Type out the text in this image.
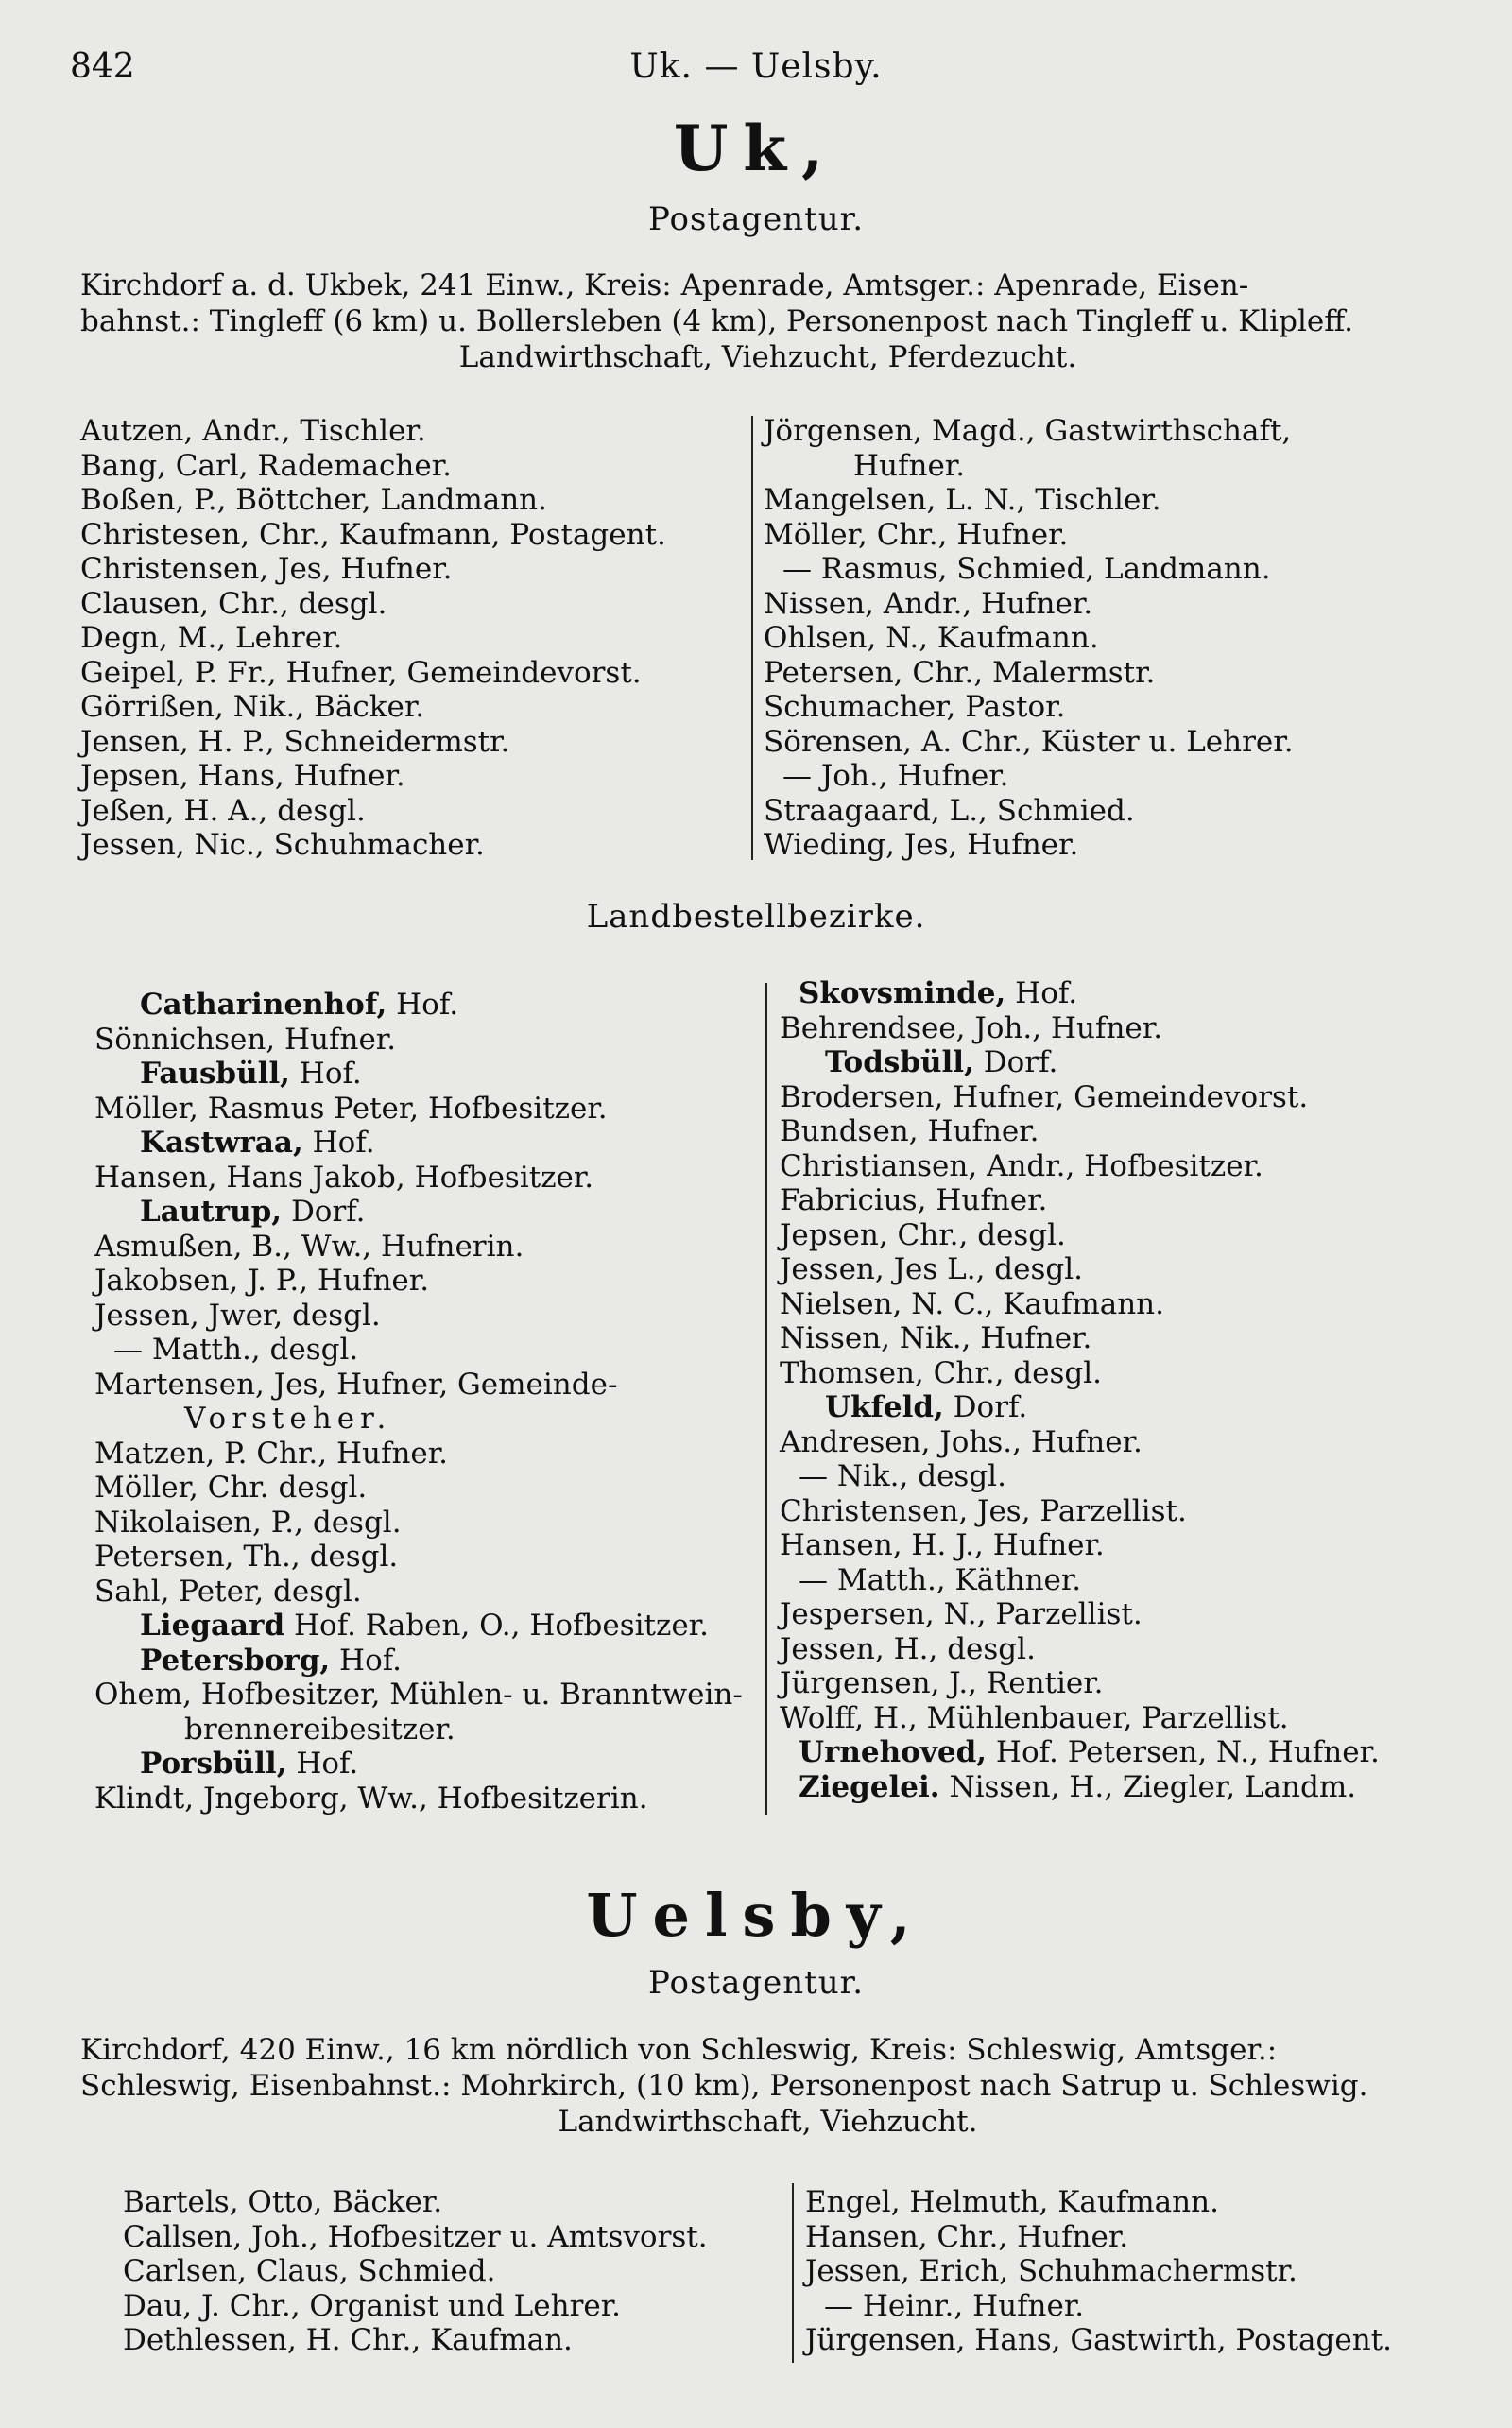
842	Uk. — Uelsby.
Uk,
Postagentur.

Kirchdorf a. d. Ukbek, 241 Einw., Kreis: Apenrade, Amtsger.: Apenrade, Eisen-

bahnst.: Tingleff (6 km) u. Bollersleben (4 km), Personenpost nach Tingleff u. Klipleff.

Landwirthschaft, Viehzucht, Pferdezucht.

Autzen, Andr., Tischler.
Bang, Carl, Rademacher.
Boßen, P., Böttcher, Landmann.
Christesen, Chr., Kaufmann, Postagent.
Christensen, Jes, Hufner.
Clausen, Chr., desgl.
Degn, M., Lehrer.
Geipel, P. Fr., Hufner, Gemeindevorst.
Görrißen, Nik., Bäcker.
Jensen, H. P., Schneidermstr.
Jepsen, Hans, Hufner.
Jeßen, H. A., desgl.
Jessen, Nic., Schuhmacher.
Jörgensen, Magd., Gastwirthschaft,
Hufner.
Mangelsen, L. N., Tischler.
Möller, Chr., Hufner.
— Rasmus, Schmied, Landmann.
Nissen, Andr., Hufner.
Ohlsen, N., Kaufmann.
Petersen, Chr., Malermstr.
Schumacher, Pastor.
Sörensen, A. Chr., Küster u. Lehrer.
— Joh., Hufner.
Straagaard, L., Schmied.
Wieding, Jes, Hufner.
Landbestellbezirke.
Catharinenhof, Hof.
Sönnichsen, Hufner.
Fausbüll, Hof.
Möller, Rasmus Peter, Hofbesitzer.
Kastwraa, Hof.
Hansen, Hans Jakob, Hofbesitzer.
Lautrup, Dorf.
Asmußen, B., Ww., Hufnerin.
Jakobsen, J. P., Hufner.
Jessen, Jwer, desgl.
— Matth., desgl.
Martensen, Jes, Hufner, Gemeinde-
Vorsteher.
Matzen, P. Chr., Hufner.
Möller, Chr. desgl.
Nikolaisen, P., desgl.
Petersen, Th., desgl.
Sahl, Peter, desgl.
Liegaard Hof. Raben, O., Hofbesitzer.
Petersborg, Hof.
Ohem, Hofbesitzer, Mühlen- u. Branntwein-
brennereibesitzer.
Porsbüll, Hof.
Klindt, Jngeborg, Ww., Hofbesitzerin.
Skovsminde, Hof.
Behrendsee, Joh., Hufner.
Todsbüll, Dorf.
Brodersen, Hufner, Gemeindevorst.
Bundsen, Hufner.
Christiansen, Andr., Hofbesitzer.
Fabricius, Hufner.
Jepsen, Chr., desgl.
Jessen, Jes L., desgl.
Nielsen, N. C., Kaufmann.
Nissen, Nik., Hufner.
Thomsen, Chr., desgl.
Ukfeld, Dorf.
Andresen, Johs., Hufner.
— Nik., desgl.
Christensen, Jes, Parzellist.
Hansen, H. J., Hufner.
— Matth., Käthner.
Jespersen, N., Parzellist.
Jessen, H., desgl.
Jürgensen, J., Rentier.
Wolff, H., Mühlenbauer, Parzellist.
Urnehoved, Hof. Petersen, N., Hufner.
Ziegelei. Nissen, H., Ziegler, Landm.
Uelsby,
Postagentur.

Kirchdorf, 420 Einw., 16 km nördlich von Schleswig, Kreis: Schleswig, Amtsger.:

Schleswig, Eisenbahnst.: Mohrkirch, (10 km), Personenpost nach Satrup u. Schleswig.

Landwirthschaft, Viehzucht.

Bartels, Otto, Bäcker.
Callsen, Joh., Hofbesitzer u. Amtsvorst.
Carlsen, Claus, Schmied.
Dau, J. Chr., Organist und Lehrer.
Dethlessen, H. Chr., Kaufman.
Engel, Helmuth, Kaufmann.
Hansen, Chr., Hufner.
Jessen, Erich, Schuhmachermstr.
— Heinr., Hufner.
Jürgensen, Hans, Gastwirth, Postagent.
